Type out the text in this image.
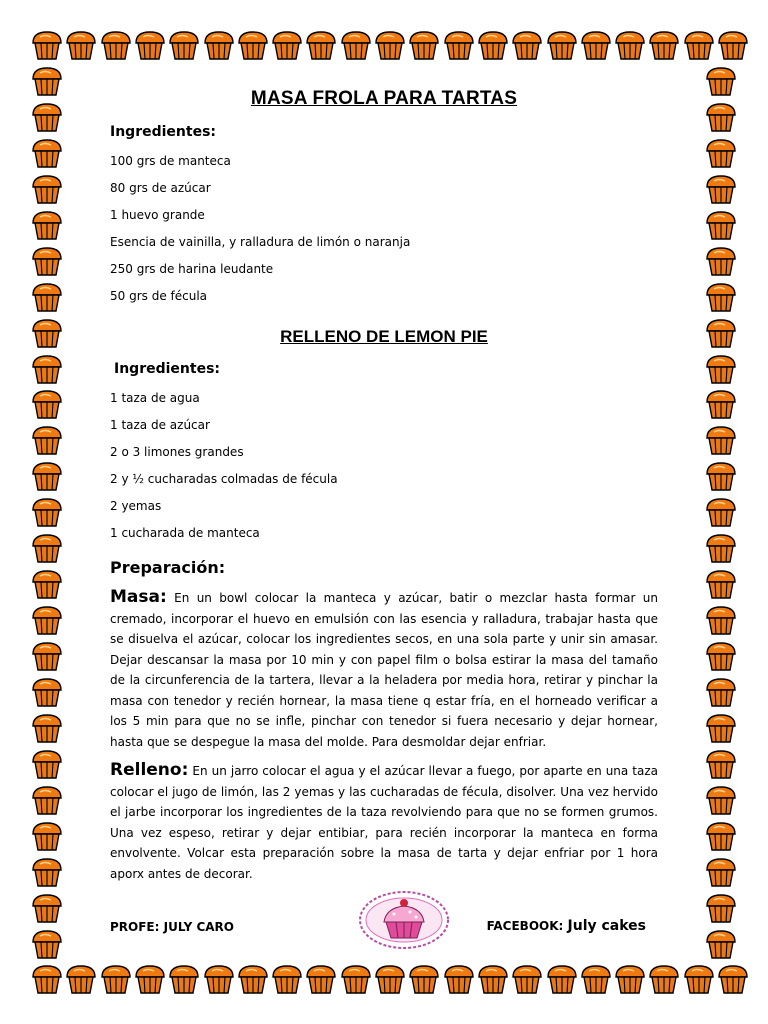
MASA FROLA PARA TARTAS
Ingredientes:
100 grs de manteca
80 grs de azúcar
1 huevo grande
Esencia de vainilla, y ralladura de limón o naranja
250 grs de harina leudante
50 grs de fécula
RELLENO DE LEMON PIE
Ingredientes:
1 taza de agua
1 taza de azúcar
2 o 3 limones grandes
2 y ½ cucharadas colmadas de fécula
2 yemas
1 cucharada de manteca
Preparación:

Masa: En un bowl colocar la manteca y azúcar, batir o mezclar hasta formar un cremado, incorporar el huevo en emulsión con las esencia y ralladura, trabajar hasta que se disuelva el azúcar, colocar los ingredientes secos, en una sola parte y unir sin amasar. Dejar descansar la masa por 10 min y con papel film o bolsa estirar la masa del tamaño de la circunferencia de la tartera, llevar a la heladera por media hora, retirar y pinchar la masa con tenedor y recién hornear, la masa tiene q estar fría, en el horneado verificar a los 5 min para que no se infle, pinchar con tenedor si fuera necesario y dejar hornear, hasta que se despegue la masa del molde. Para desmoldar dejar enfriar.

Relleno: En un jarro colocar el agua y el azúcar llevar a fuego, por aparte en una taza colocar el jugo de limón, las 2 yemas y las cucharadas de fécula, disolver. Una vez hervido el jarbe incorporar los ingredientes de la taza revolviendo para que no se formen grumos. Una vez espeso, retirar y dejar entibiar, para recién incorporar la manteca en forma envolvente. Volcar esta preparación sobre la masa de tarta y dejar enfriar por 1 hora aporx antes de decorar.

PROFE: JULY CARO	FACEBOOK: July cakes
